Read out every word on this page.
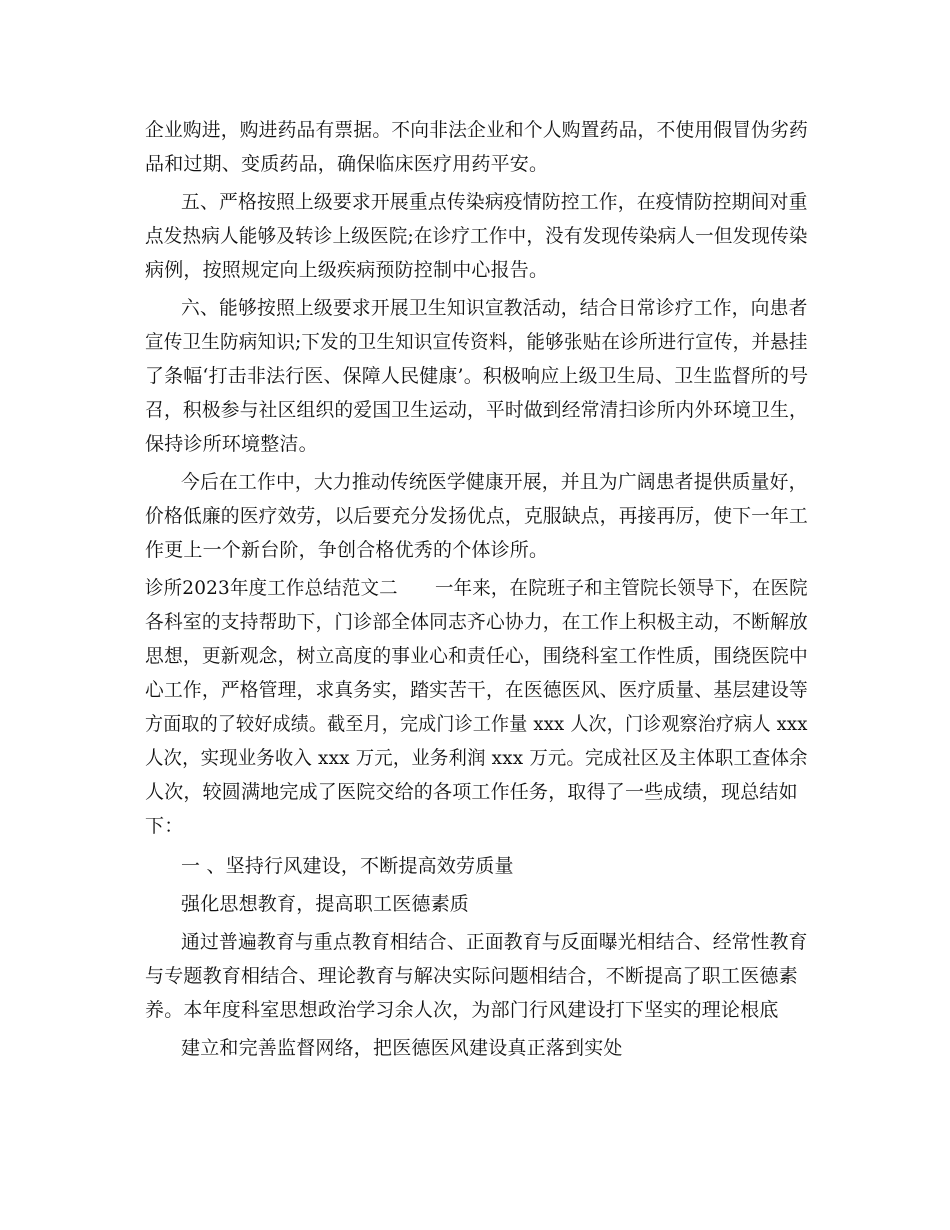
企业购进，购进药品有票据。不向非法企业和个人购置药品，不使用假冒伪劣药
品和过期、变质药品，确保临床医疗用药平安。
五、严格按照上级要求开展重点传染病疫情防控工作，在疫情防控期间对重
点发热病人能够及转诊上级医院;在诊疗工作中，没有发现传染病人一但发现传染
病例，按照规定向上级疾病预防控制中心报告。
六、能够按照上级要求开展卫生知识宣教活动，结合日常诊疗工作，向患者
宣传卫生防病知识;下发的卫生知识宣传资料，能够张贴在诊所进行宣传，并悬挂
了条幅‘打击非法行医、保障人民健康’。积极响应上级卫生局、卫生监督所的号
召，积极参与社区组织的爱国卫生运动，平时做到经常清扫诊所内外环境卫生，
保持诊所环境整洁。
今后在工作中，大力推动传统医学健康开展，并且为广阔患者提供质量好，
价格低廉的医疗效劳，以后要充分发扬优点，克服缺点，再接再厉，使下一年工
作更上一个新台阶，争创合格优秀的个体诊所。
诊所2023年度工作总结范文二　　一年来，在院班子和主管院长领导下，在医院
各科室的支持帮助下，门诊部全体同志齐心协力，在工作上积极主动，不断解放
思想，更新观念，树立高度的事业心和责任心，围绕科室工作性质，围绕医院中
心工作，严格管理，求真务实，踏实苦干，在医德医风、医疗质量、基层建设等
方面取的了较好成绩。截至月，完成门诊工作量 xxx 人次，门诊观察治疗病人 xxx
人次，实现业务收入 xxx 万元，业务利润 xxx 万元。完成社区及主体职工查体余
人次，较圆满地完成了医院交给的各项工作任务，取得了一些成绩，现总结如
下：
一 、坚持行风建设，不断提高效劳质量
强化思想教育，提高职工医德素质
通过普遍教育与重点教育相结合、正面教育与反面曝光相结合、经常性教育
与专题教育相结合、理论教育与解决实际问题相结合，不断提高了职工医德素
养。本年度科室思想政治学习余人次，为部门行风建设打下坚实的理论根底
建立和完善监督网络，把医德医风建设真正落到实处
